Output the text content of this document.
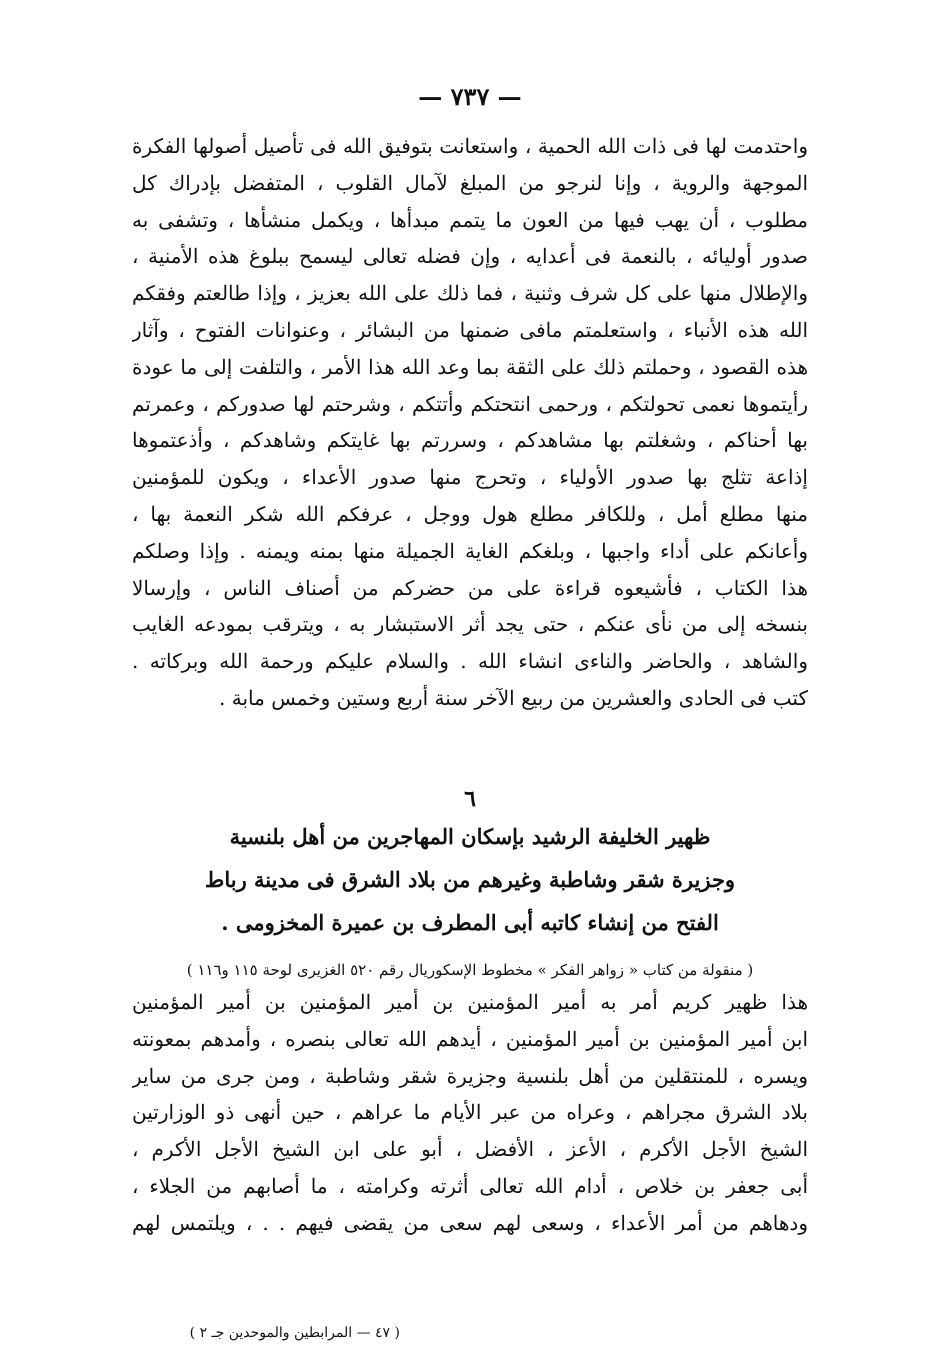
— ٧٣٧ —
واحتدمت لها فى ذات الله الحمية ، واستعانت بتوفيق الله فى تأصيل أصولها الفكرة
الموجهة والروية ، وإنا لنرجو من المبلغ لآمال القلوب ، المتفضل بإدراك كل
مطلوب ، أن يهب فيها من العون ما يتمم مبدأها ، ويكمل منشأها ، وتشفى به
صدور أوليائه ، بالنعمة فى أعدايه ، وإن فضله تعالى ليسمح ببلوغ هذه الأمنية ،
والإطلال منها على كل شرف وثنية ، فما ذلك على الله بعزيز ، وإذا طالعتم وفقكم
الله هذه الأنباء ، واستعلمتم مافى ضمنها من البشائر ، وعنوانات الفتوح ، وآثار
هذه القصود ، وحملتم ذلك على الثقة بما وعد الله هذا الأمر ، والتلفت إلى ما عودة
رأيتموها نعمى تحولتكم ، ورحمى انتحتكم وأتتكم ، وشرحتم لها صدوركم ، وعمرتم
بها أحناكم ، وشغلتم بها مشاهدكم ، وسررتم بها غايتكم وشاهدكم ، وأذعتموها
إذاعة تثلج بها صدور الأولياء ، وتحرج منها صدور الأعداء ، ويكون للمؤمنين
منها مطلع أمل ، وللكافر مطلع هول ووجل ، عرفكم الله شكر النعمة بها ،
وأعانكم على أداء واجبها ، وبلغكم الغاية الجميلة منها بمنه ويمنه . وإذا وصلكم
هذا الكتاب ، فأشيعوه قراءة على من حضركم من أصناف الناس ، وإرسالا
بنسخه إلى من نأى عنكم ، حتى يجد أثر الاستبشار به ، ويترقب بمودعه الغايب
والشاهد ، والحاضر والناءى انشاء الله . والسلام عليكم ورحمة الله وبركاته .
كتب فى الحادى والعشرين من ربيع الآخر سنة أربع وستين وخمس مابة .
٦
ظهير الخليفة الرشيد بإسكان المهاجرين من أهل بلنسية
وجزيرة شقر وشاطبة وغيرهم من بلاد الشرق فى مدينة رباط
الفتح من إنشاء كاتبه أبى المطرف بن عميرة المخزومى .
( منقولة من كتاب « زواهر الفكر » مخطوط الإسكوريال رقم ٥٢٠ الغزيرى لوحة ١١٥ و١١٦ )
هذا ظهير كريم أمر به أمير المؤمنين بن أمير المؤمنين بن أمير المؤمنين
ابن أمير المؤمنين بن أمير المؤمنين ، أيدهم الله تعالى بنصره ، وأمدهم بمعونته
ويسره ، للمنتقلين من أهل بلنسية وجزيرة شقر وشاطبة ، ومن جرى من ساير
بلاد الشرق مجراهم ، وعراه من عبر الأيام ما عراهم ، حين أنهى ذو الوزارتين
الشيخ الأجل الأكرم ، الأعز ، الأفضل ، أبو على ابن الشيخ الأجل الأكرم ،
أبى جعفر بن خلاص ، أدام الله تعالى أثرته وكرامته ، ما أصابهم من الجلاء ،
ودهاهم من أمر الأعداء ، وسعى لهم سعى من يقضى فيهم . . ، ويلتمس لهم
( ٤٧ — المرابطين والموحدين جـ ٢ )
